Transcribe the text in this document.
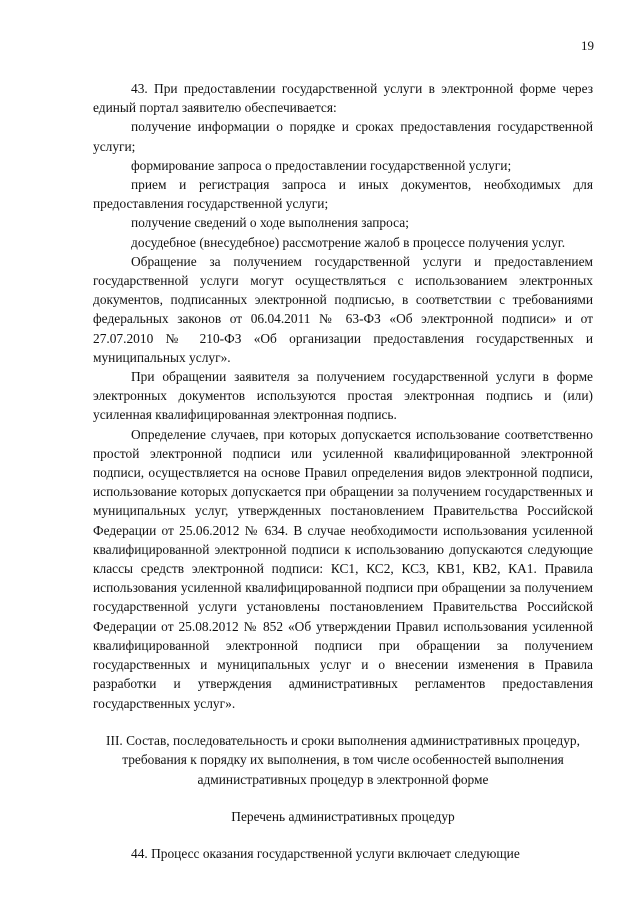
19

43. При предоставлении государственной услуги в электронной форме через единый портал заявителю обеспечивается:

получение информации о порядке и сроках предоставления государственной услуги;

формирование запроса о предоставлении государственной услуги;

прием и регистрация запроса и иных документов, необходимых для предоставления государственной услуги;

получение сведений о ходе выполнения запроса;

досудебное (внесудебное) рассмотрение жалоб в процессе получения услуг.

Обращение за получением государственной услуги и предоставлением государственной услуги могут осуществляться с использованием электронных документов, подписанных электронной подписью, в соответствии с требованиями федеральных законов от 06.04.2011 № 63-ФЗ «Об электронной подписи» и от 27.07.2010 № 210-ФЗ «Об организации предоставления государственных и муниципальных услуг».

При обращении заявителя за получением государственной услуги в форме электронных документов используются простая электронная подпись и (или) усиленная квалифицированная электронная подпись.

Определение случаев, при которых допускается использование соответственно простой электронной подписи или усиленной квалифицированной электронной подписи, осуществляется на основе Правил определения видов электронной подписи, использование которых допускается при обращении за получением государственных и муниципальных услуг, утвержденных постановлением Правительства Российской Федерации от 25.06.2012 № 634. В случае необходимости использования усиленной квалифицированной электронной подписи к использованию допускаются следующие классы средств электронной подписи: КС1, КС2, КС3, КВ1, КВ2, КА1. Правила использования усиленной квалифицированной подписи при обращении за получением государственной услуги установлены постановлением Правительства Российской Федерации от 25.08.2012 № 852 «Об утверждении Правил использования усиленной квалифицированной электронной подписи при обращении за получением государственных и муниципальных услуг и о внесении изменения в Правила разработки и утверждения административных регламентов предоставления государственных услуг».

III. Состав, последовательность и сроки выполнения административных процедур, требования к порядку их выполнения, в том числе особенностей выполнения административных процедур в электронной форме

Перечень административных процедур

44. Процесс оказания государственной услуги включает следующие
